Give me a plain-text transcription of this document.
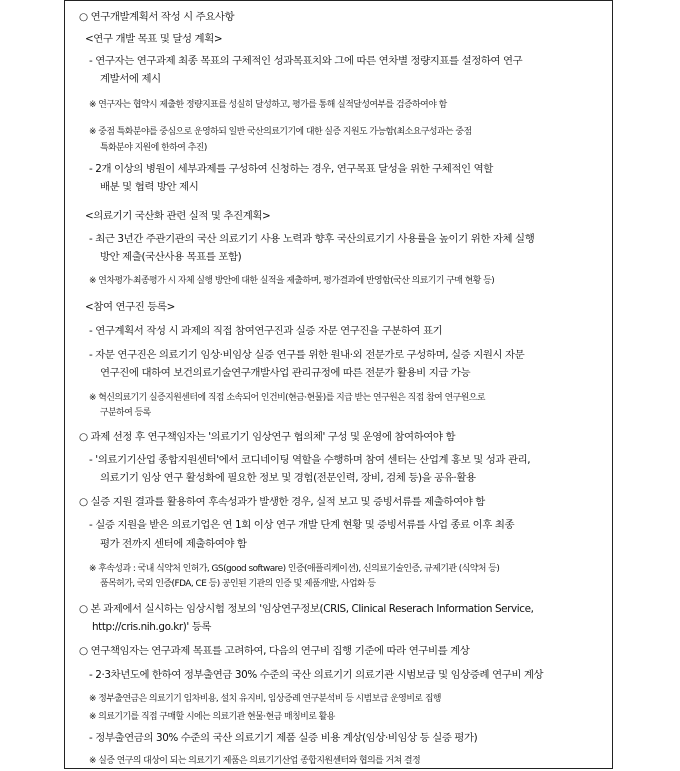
○ 연구개발계획서 작성 시 주요사항
<연구 개발 목표 및 달성 계획>
- 연구자는 연구과제 최종 목표의 구체적인 성과목표치와 그에 따른 연차별 정량지표를 설정하여 연구
계발서에 제시
※ 연구자는 협약시 제출한 정량지표를 성실히 달성하고, 평가를 통해 실적달성여부를 검증하여야 함
※ 중점 특화분야를 중심으로 운영하되 일반 국산의료기기에 대한 실증 지원도 가능함(최소요구성과는 중점
특화분야 지원에 한하여 추진)
- 2개 이상의 병원이 세부과제를 구성하여 신청하는 경우, 연구목표 달성을 위한 구체적인 역할
배분 및 협력 방안 제시
<의료기기 국산화 관련 실적 및 추진계획>
- 최근 3년간 주관기관의 국산 의료기기 사용 노력과 향후 국산의료기기 사용률을 높이기 위한 자체 실행
방안 제출(국산사용 목표를 포함)
※ 연차평가·최종평가 시 자체 실행 방안에 대한 실적을 제출하며, 평가결과에 반영함(국산 의료기기 구매 현황 등)
<참여 연구진 등록>
- 연구계획서 작성 시 과제의 직접 참여연구진과 실증 자문 연구진을 구분하여 표기
- 자문 연구진은 의료기기 임상·비임상 실증 연구를 위한 원내·외 전문가로 구성하며, 실증 지원시 자문
연구진에 대하여 보건의료기술연구개발사업 관리규정에 따른 전문가 활용비 지급 가능
※ 혁신의료기기 실증지원센터에 직접 소속되어 인건비(현금·현물)를 지급 받는 연구원은 직접 참여 연구원으로
구분하여 등록
○ 과제 선정 후 연구책임자는 '의료기기 임상연구 협의체' 구성 및 운영에 참여하여야 함
- '의료기기산업 종합지원센터'에서 코디네이팅 역할을 수행하며 참여 센터는 산업계 홍보 및 성과 관리,
의료기기 임상 연구 활성화에 필요한 정보 및 경험(전문인력, 장비, 검체 등)을 공유·활용
○ 실증 지원 결과를 활용하여 후속성과가 발생한 경우, 실적 보고 및 증빙서류를 제출하여야 함
- 실증 지원을 받은 의료기업은 연 1회 이상 연구 개발 단계 현황 및 증빙서류를 사업 종료 이후 최종
평가 전까지 센터에 제출하여야 함
※ 후속성과 : 국내 식약처 인허가, GS(good software) 인증(애플리케이션), 신의료기술인증, 규제기관 (식약처 등)
품목허가, 국외 인증(FDA, CE 등) 공인된 기관의 인증 및 제품개발, 사업화 등
○ 본 과제에서 실시하는 임상시험 정보의 '임상연구정보(CRIS, Clinical Reserach Information Service,
http://cris.nih.go.kr)' 등록
○ 연구책임자는 연구과제 목표를 고려하여, 다음의 연구비 집행 기준에 따라 연구비를 계상
- 2·3차년도에 한하여 정부출연금 30% 수준의 국산 의료기기 의료기관 시범보급 및 임상증례 연구비 계상
※ 정부출연금은 의료기기 임차비용, 설치 유지비, 임상증례 연구분석비 등 시범보급 운영비로 집행
※ 의료기기를 직접 구매할 시에는 의료기관 현물·현금 매칭비로 활용
- 정부출연금의 30% 수준의 국산 의료기기 제품 실증 비용 계상(임상·비임상 등 실증 평가)
※ 실증 연구의 대상이 되는 의료기기 제품은 의료기기산업 종합지원센터와 협의를 거쳐 결정
